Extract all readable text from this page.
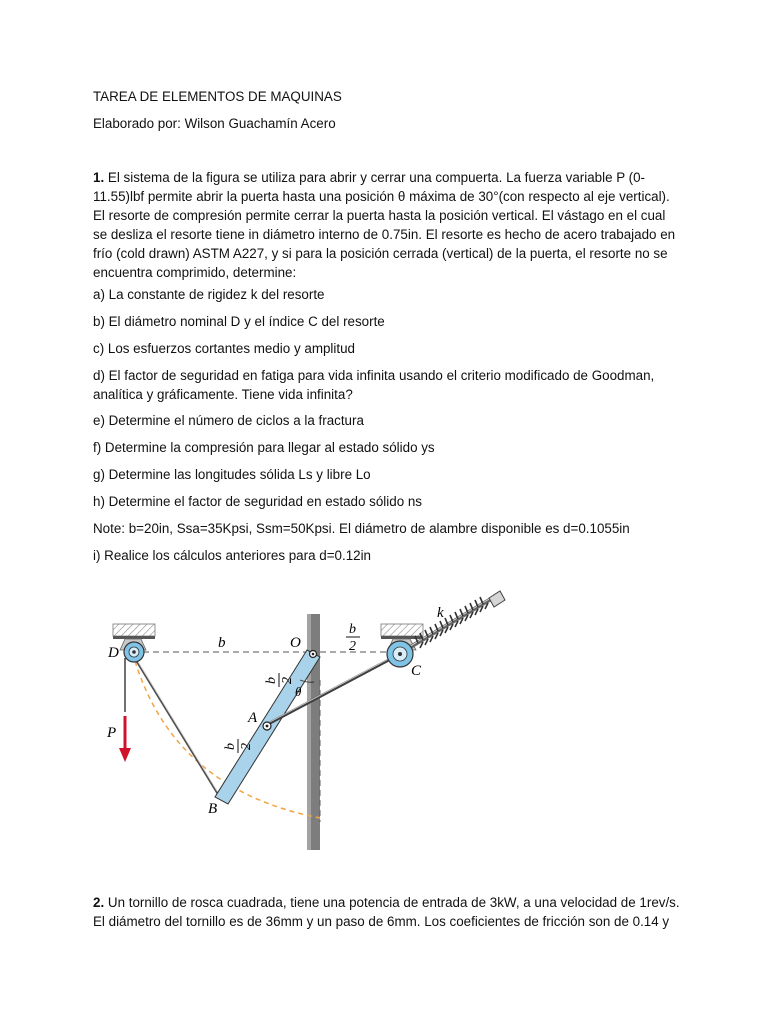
TAREA DE ELEMENTOS DE MAQUINAS

Elaborado por: Wilson Guachamín Acero

1. El sistema de la figura se utiliza para abrir y cerrar una compuerta. La fuerza variable P (0-11.55)lbf permite abrir la puerta hasta una posición θ máxima de 30°(con respecto al eje vertical). El resorte de compresión permite cerrar la puerta hasta la posición vertical. El vástago en el cual se desliza el resorte tiene in diámetro interno de 0.75in. El resorte es hecho de acero trabajado en frío (cold drawn) ASTM A227, y si para la posición cerrada (vertical) de la puerta, el resorte no se encuentra comprimido, determine:

a) La constante de rigidez k del resorte

b) El diámetro nominal D y el índice C del resorte

c) Los esfuerzos cortantes medio y amplitud

d) El factor de seguridad en fatiga para vida infinita usando el criterio modificado de Goodman, analítica y gráficamente. Tiene vida infinita?

e) Determine el número de ciclos a la fractura

f) Determine la compresión para llegar al estado sólido ys

g) Determine las longitudes sólida Ls y libre Lo

h) Determine el factor de seguridad en estado sólido ns

Note: b=20in, Ssa=35Kpsi, Ssm=50Kpsi. El diámetro de alambre disponible es d=0.1055in

i) Realice los cálculos anteriores para d=0.12in

D
O
A
B
C
P
k
θ
b
b
2
b 2
b 2

2. Un tornillo de rosca cuadrada, tiene una potencia de entrada de 3kW, a una velocidad de 1rev/s. El diámetro del tornillo es de 36mm y un paso de 6mm. Los coeficientes de fricción son de 0.14 y
